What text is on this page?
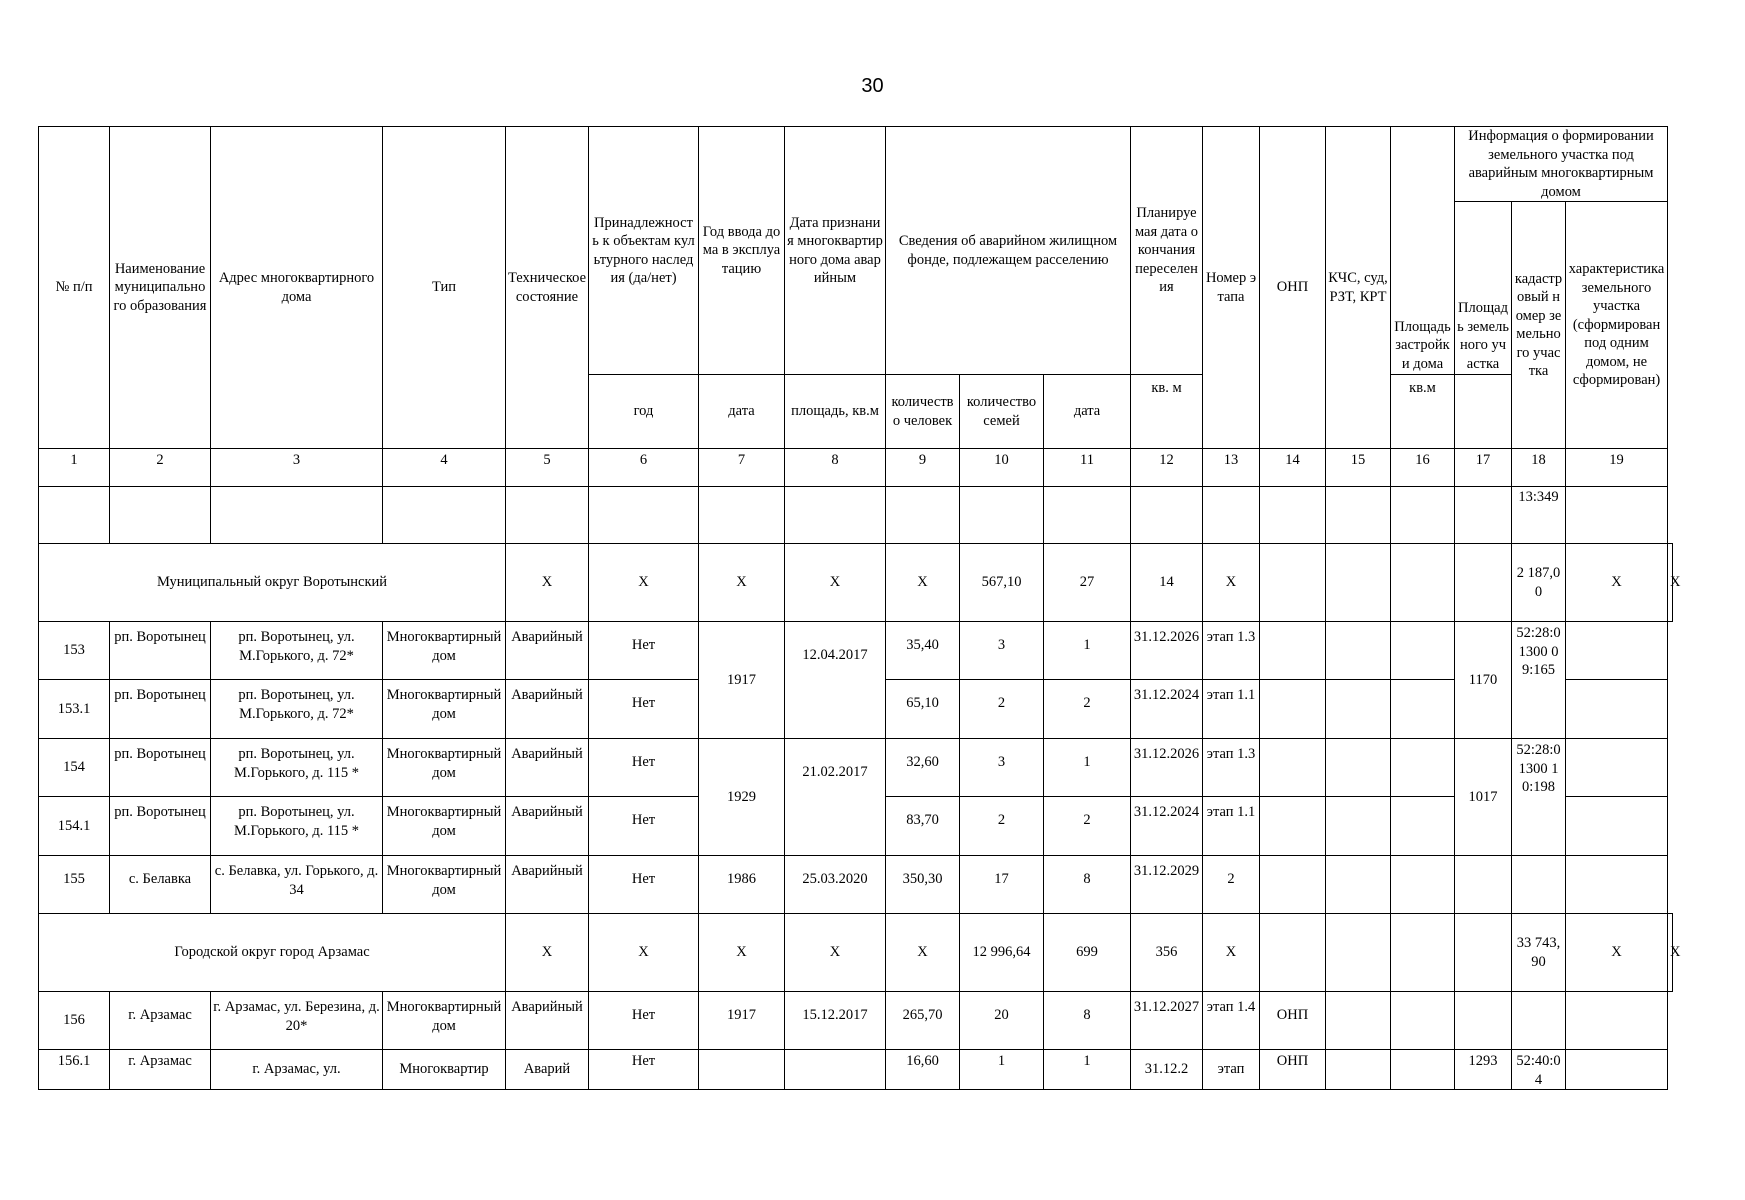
30
№ п/п	Наименование муниципального образования	Адрес многоквартирного дома	Тип	Техническое состояние	Принадлежность к объектам культурного наследия (да/нет)	Год ввода дома в эксплуатацию	Дата признания многоквартирного дома аварийным	Сведения об аварийном жилищном фонде, подлежащем расселению			Планируемая дата окончания переселения	Номер этапа	ОНП	КЧС, суд, РЗТ, КРТ	Площадь застройки дома	Информация о формировании земельного участка под аварийным многоквартирным домом			
																Площадь земельного участка	кадастровый номер земельного участка	характеристика земельного участка (сформирован под одним домом, не сформирован)	
					год	дата	площадь, кв.м	количество человек	количество семей	дата	кв. м				кв.м				
1	2	3	4	5	6	7	8	9	10	11	12	13	14	15	16	17	18	19	
																	13:349		
Муниципальный округ Воротынский				X	X	X	X	X	567,10	27	14	X					2 187,00	X	X
153	рп. Воротынец	рп. Воротынец, ул. М.Горького, д. 72*	Многоквартирный дом	Аварийный	Нет	1917	12.04.2017	35,40	3	1	31.12.2026	этап 1.3				1170	52:28:01300 09:165		
153.1	рп. Воротынец	рп. Воротынец, ул. М.Горького, д. 72*	Многоквартирный дом	Аварийный	Нет			65,10	2	2	31.12.2024	этап 1.1							
154	рп. Воротынец	рп. Воротынец, ул. М.Горького, д. 115 *	Многоквартирный дом	Аварийный	Нет	1929	21.02.2017	32,60	3	1	31.12.2026	этап 1.3				1017	52:28:01300 10:198		
154.1	рп. Воротынец	рп. Воротынец, ул. М.Горького, д. 115 *	Многоквартирный дом	Аварийный	Нет			83,70	2	2	31.12.2024	этап 1.1							
155	с. Белавка	с. Белавка, ул. Горького, д. 34	Многоквартирный дом	Аварийный	Нет	1986	25.03.2020	350,30	17	8	31.12.2029	2							
Городской округ город Арзамас				X	X	X	X	X	12 996,64	699	356	X					33 743,90	X	X
156	г. Арзамас	г. Арзамас, ул. Березина, д. 20*	Многоквартирный дом	Аварийный	Нет	1917	15.12.2017	265,70	20	8	31.12.2027	этап 1.4	ОНП						
156.1	г. Арзамас	г. Арзамас, ул.	Многоквартир	Аварий	Нет			16,60	1	1	31.12.2	этап	ОНП			1293	52:40:04		
